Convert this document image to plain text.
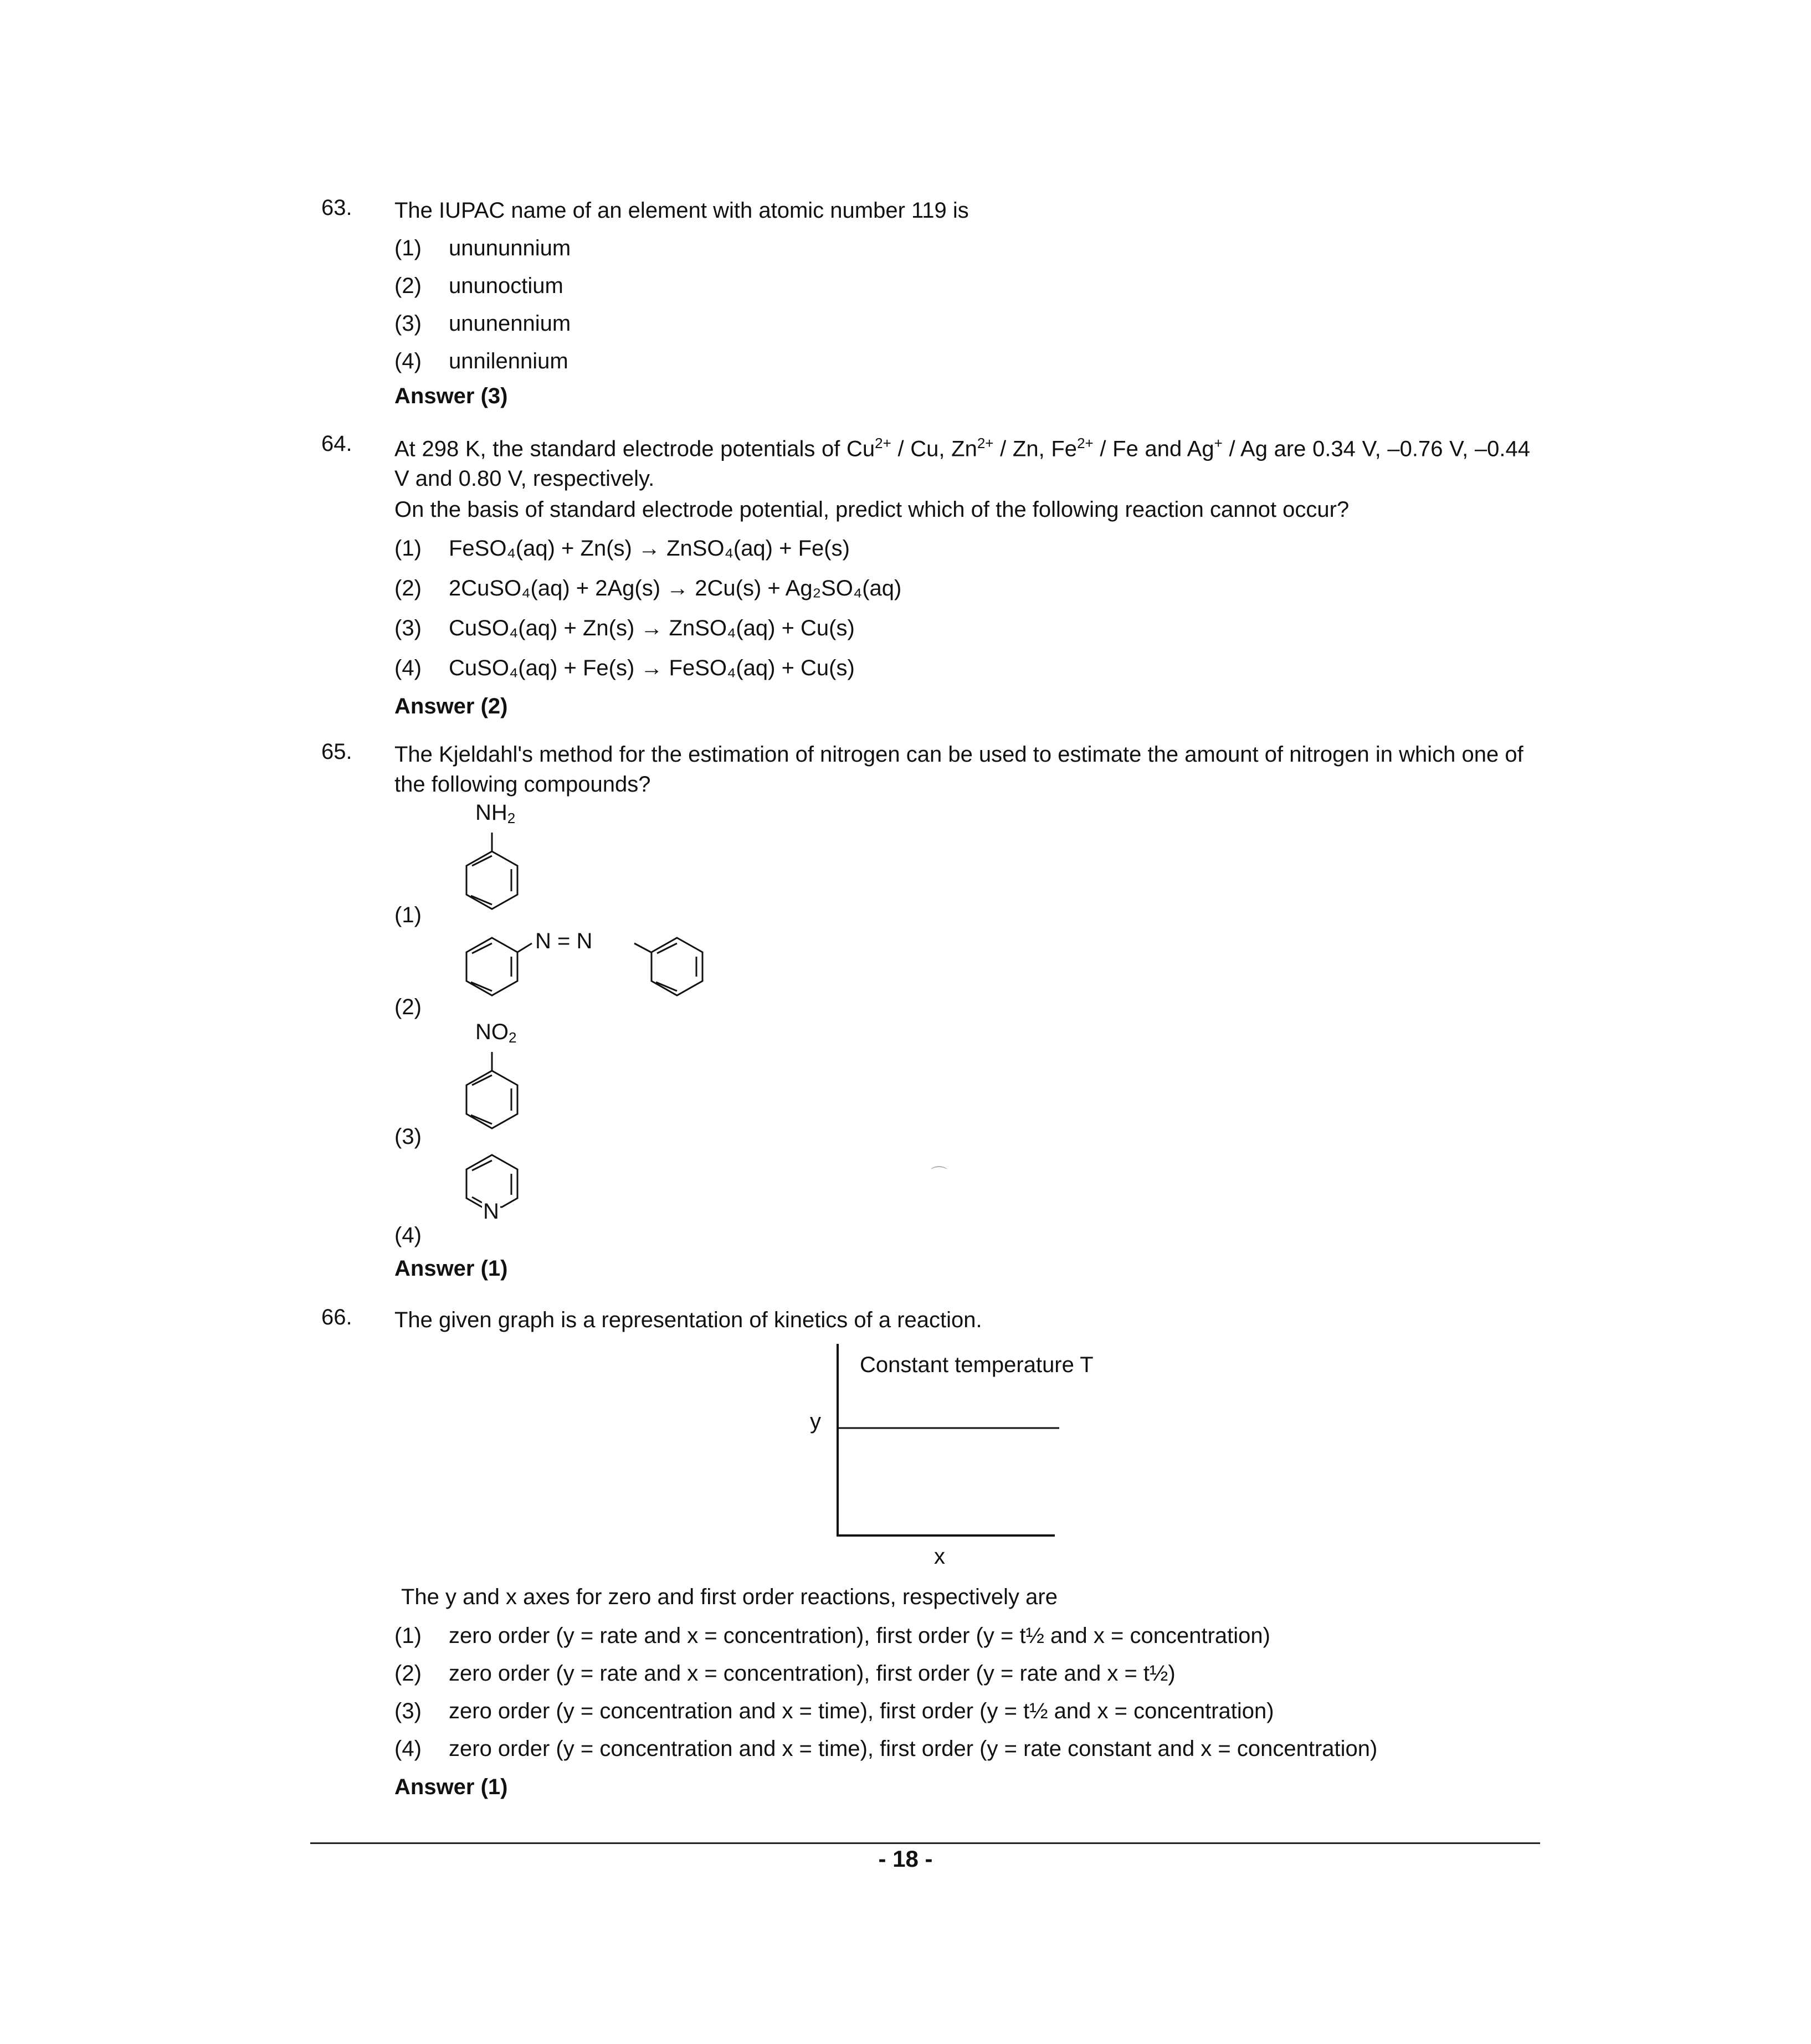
63.	The IUPAC name of an element with atomic number 119 is
(1) unununnium
(2) ununoctium
(3) ununennium
(4) unnilennium
Answer (3)
64.	At 298 K, the standard electrode potentials of $Cu^{2+}$ / Cu, $Zn^{2+}$ / Zn, $Fe^{2+}$ / Fe and Ag+ / Ag are 0.34 V, –0.76 V, –0.44 V and 0.80 V, respectively.
On the basis of standard electrode potential, predict which of the following reaction cannot occur?
(1) FeSO₄(aq) + Zn(s) → ZnSO₄(aq) + Fe(s)
(2) 2CuSO₄(aq) + 2Ag(s) → 2Cu(s) + Ag₂SO₄(aq)
(3) CuSO₄(aq) + Zn(s) → ZnSO₄(aq) + Cu(s)
(4) CuSO₄(aq) + Fe(s) → FeSO₄(aq) + Cu(s)
Answer (2)
65.	The Kjeldahl's method for the estimation of nitrogen can be used to estimate the amount of nitrogen in which one of the following compounds?
(1)
$NH_2$
(2)
N = N
(3)
$NO_2$
(4)
N
Answer (1)
66.	The given graph is a representation of kinetics of a reaction.
Constant temperature T
y
x
The y and x axes for zero and first order reactions, respectively are
(1) zero order (y = rate and x = concentration), first order (y = t½ and x = concentration)
(2) zero order (y = rate and x = concentration), first order (y = rate and x = t½)
(3) zero order (y = concentration and x = time), first order (y = t½ and x = concentration)
(4) zero order (y = concentration and x = time), first order (y = rate constant and x = concentration)
Answer (1)
⌒
- 18 -
